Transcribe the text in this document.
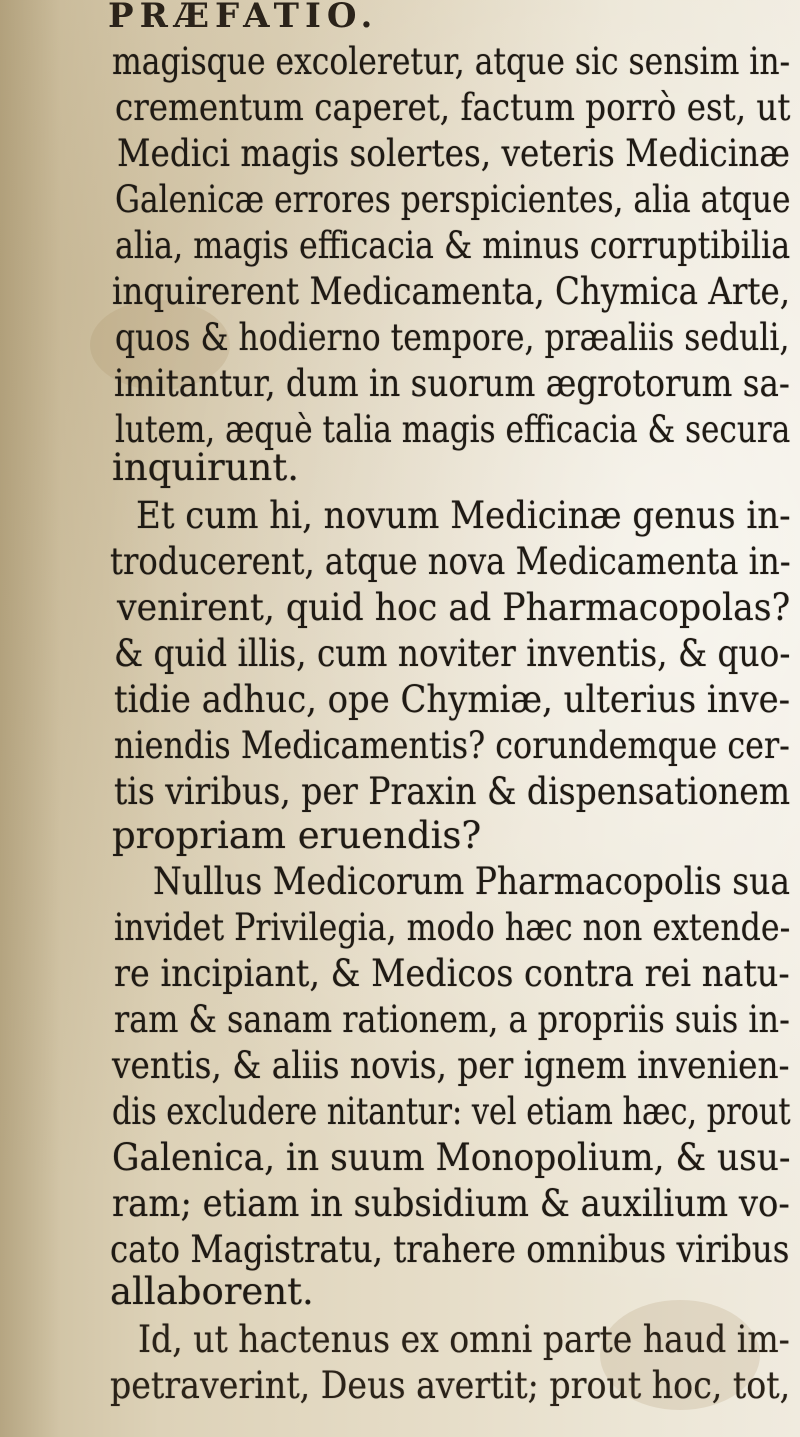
PRÆFATIO.
magisque excoleretur, atque sic sensim in-
crementum caperet, factum porrò est, ut
Medici magis solertes, veteris Medicinæ
Galenicæ errores perspicientes, alia atque
alia, magis efficacia & minus corruptibilia
inquirerent Medicamenta, Chymica Arte,
quos & hodierno tempore, præaliis seduli,
imitantur, dum in suorum ægrotorum sa-
lutem, æquè talia magis efficacia & secura
inquirunt.
Et cum hi, novum Medicinæ genus in-
troducerent, atque nova Medicamenta in-
venirent, quid hoc ad Pharmacopolas?
& quid illis, cum noviter inventis, & quo-
tidie adhuc, ope Chymiæ, ulterius inve-
niendis Medicamentis? corundemque cer-
tis viribus, per Praxin & dispensationem
propriam eruendis?
Nullus Medicorum Pharmacopolis sua
invidet Privilegia, modo hæc non extende-
re incipiant, & Medicos contra rei natu-
ram & sanam rationem, a propriis suis in-
ventis, & aliis novis, per ignem invenien-
dis excludere nitantur: vel etiam hæc, prout
Galenica, in suum Monopolium, & usu-
ram; etiam in subsidium & auxilium vo-
cato Magistratu, trahere omnibus viribus
allaborent.
Id, ut hactenus ex omni parte haud im-
petraverint, Deus avertit; prout hoc, tot,
